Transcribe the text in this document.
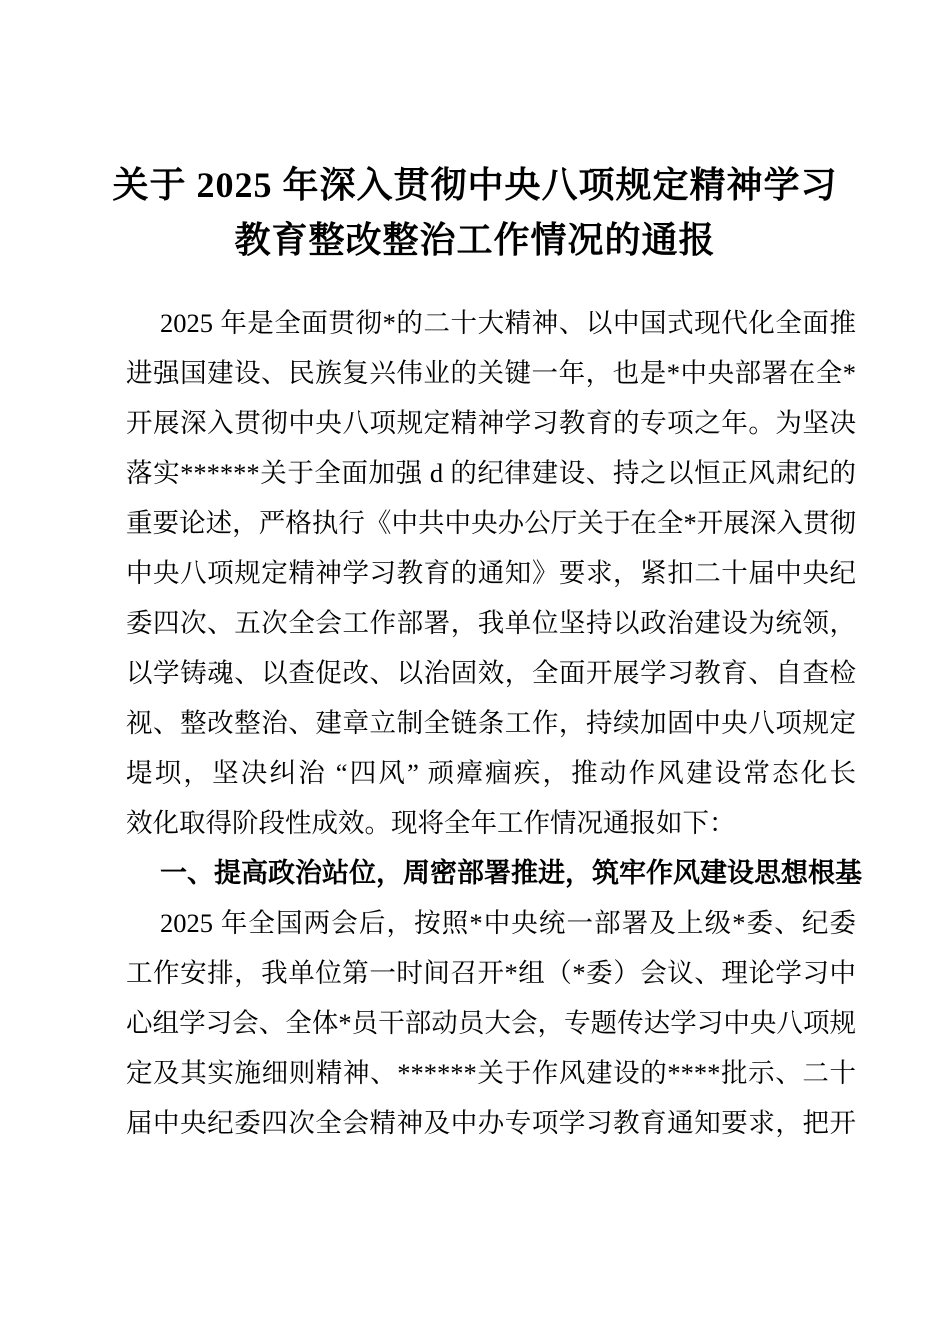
关于 2025 年深入贯彻中央八项规定精神学习
教育整改整治工作情况的通报
2025 年是全面贯彻*的二十大精神、以中国式现代化全面推
进强国建设、民族复兴伟业的关键一年，也是*中央部署在全*
开展深入贯彻中央八项规定精神学习教育的专项之年。为坚决
落实******关于全面加强 d 的纪律建设、持之以恒正风肃纪的
重要论述，严格执行《中共中央办公厅关于在全*开展深入贯彻
中央八项规定精神学习教育的通知》要求，紧扣二十届中央纪
委四次、五次全会工作部署，我单位坚持以政治建设为统领，
以学铸魂、以查促改、以治固效，全面开展学习教育、自查检
视、整改整治、建章立制全链条工作，持续加固中央八项规定
堤坝，坚决纠治 “四风” 顽瘴痼疾，推动作风建设常态化长
效化取得阶段性成效。现将全年工作情况通报如下：
一、提高政治站位，周密部署推进，筑牢作风建设思想根基
2025 年全国两会后，按照*中央统一部署及上级*委、纪委
工作安排，我单位第一时间召开*组（*委）会议、理论学习中
心组学习会、全体*员干部动员大会，专题传达学习中央八项规
定及其实施细则精神、******关于作风建设的****批示、二十
届中央纪委四次全会精神及中办专项学习教育通知要求，把开
